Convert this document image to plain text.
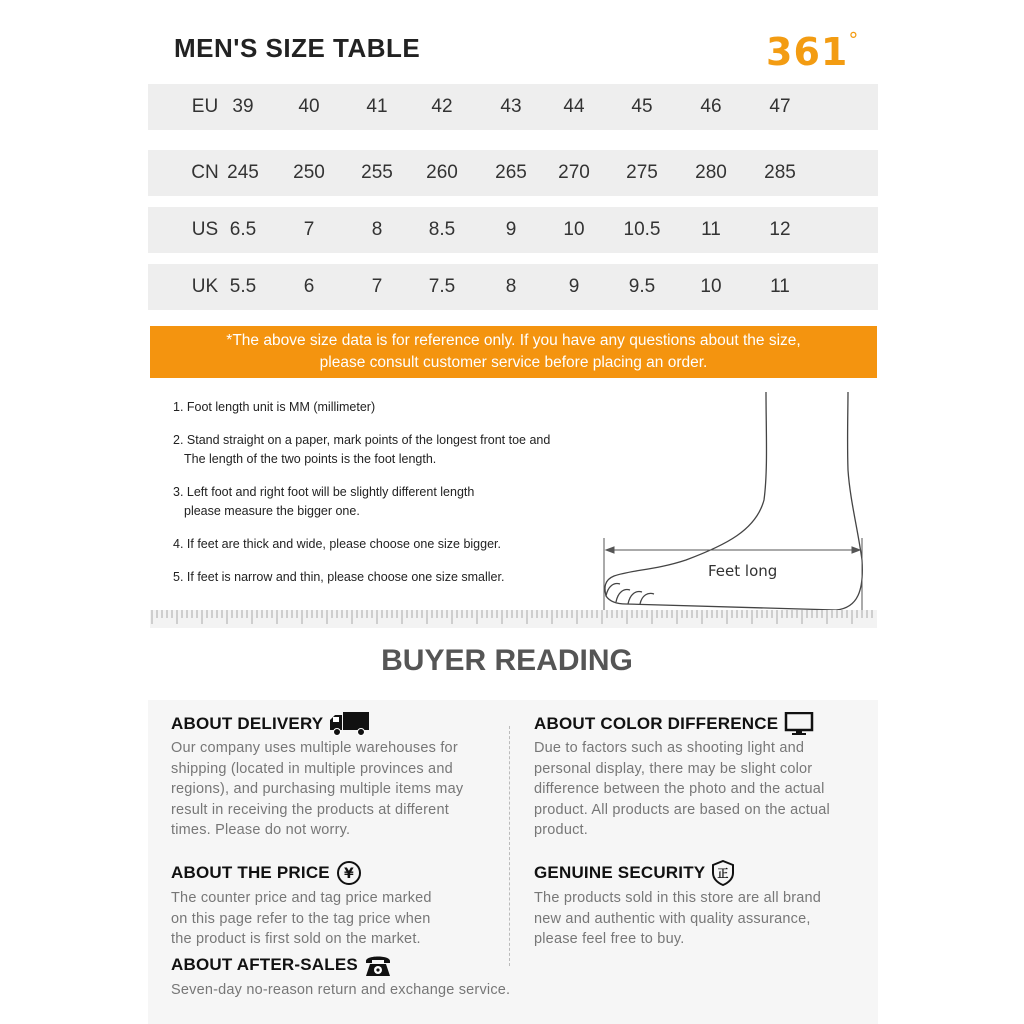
MEN'S SIZE TABLE	361°
EU 39	40	41	42	43	44	45	46	47
CN 245	250	255	260	265	270	275	280	285
US 6.5	7	8	8.5	9	10	10.5	11	12
UK 5.5	6	7	7.5	8	9	9.5	10	11
*The above size data is for reference only. If you have any questions about the size,
please consult customer service before placing an order.

1. Foot length unit is MM (millimeter)

2. Stand straight on a paper, mark points of the longest front toe and
The length of the two points is the foot length.

3. Left foot and right foot will be slightly different length
please measure the bigger one.

4. If feet are thick and wide, please choose one size bigger.

5. If feet is narrow and thin, please choose one size smaller.	Feet long
BUYER READING
ABOUT DELIVERY

Our company uses multiple warehouses for
shipping (located in multiple provinces and
regions), and purchasing multiple items may
result in receiving the products at different
times. Please do not worry.

ABOUT COLOR DIFFERENCE

Due to factors such as shooting light and
personal display, there may be slight color
difference between the photo and the actual
product. All products are based on the actual
product.

ABOUT THE PRICE ¥

The counter price and tag price marked
on this page refer to the tag price when
the product is first sold on the market.

GENUINE SECURITY 正

The products sold in this store are all brand
new and authentic with quality assurance,
please feel free to buy.

ABOUT AFTER-SALES

Seven-day no-reason return and exchange service.
